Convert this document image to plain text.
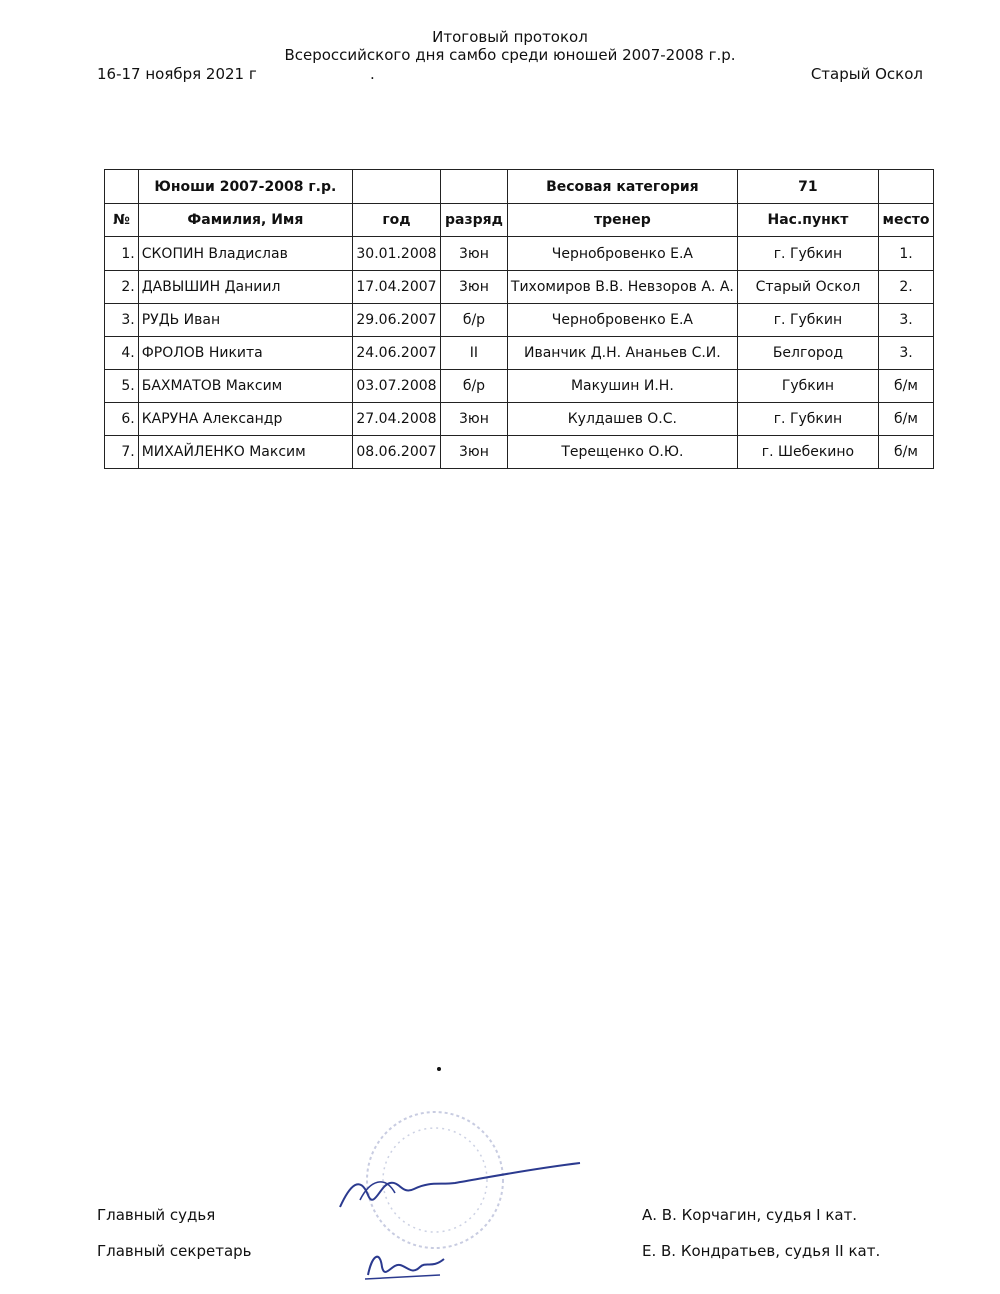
Итоговый протокол
Всероссийского дня самбо среди юношей 2007-2008 г.р.
16-17 ноября 2021 г	.	Старый Оскол
	Юноши 2007-2008 г.р.			Весовая категория	71	
№	Фамилия, Имя	год	разряд	тренер	Нас.пункт	место
1.	СКОПИН Владислав	30.01.2008	3юн	Чернобровенко Е.А	г. Губкин	1.
2.	ДАВЫШИН Даниил	17.04.2007	3юн	Тихомиров В.В. Невзоров А. А.	Старый Оскол	2.
3.	РУДЬ Иван	29.06.2007	б/р	Чернобровенко Е.А	г. Губкин	3.
4.	ФРОЛОВ Никита	24.06.2007	II	Иванчик Д.Н. Ананьев С.И.	Белгород	3.
5.	БАХМАТОВ Максим	03.07.2008	б/р	Макушин И.Н.	Губкин	б/м
6.	КАРУНА Александр	27.04.2008	3юн	Кулдашев О.С.	г. Губкин	б/м
7.	МИХАЙЛЕНКО Максим	08.06.2007	3юн	Терещенко О.Ю.	г. Шебекино	б/м
Главный судья	А. В. Корчагин, судья I кат.
Главный секретарь	Е. В. Кондратьев, судья II кат.
